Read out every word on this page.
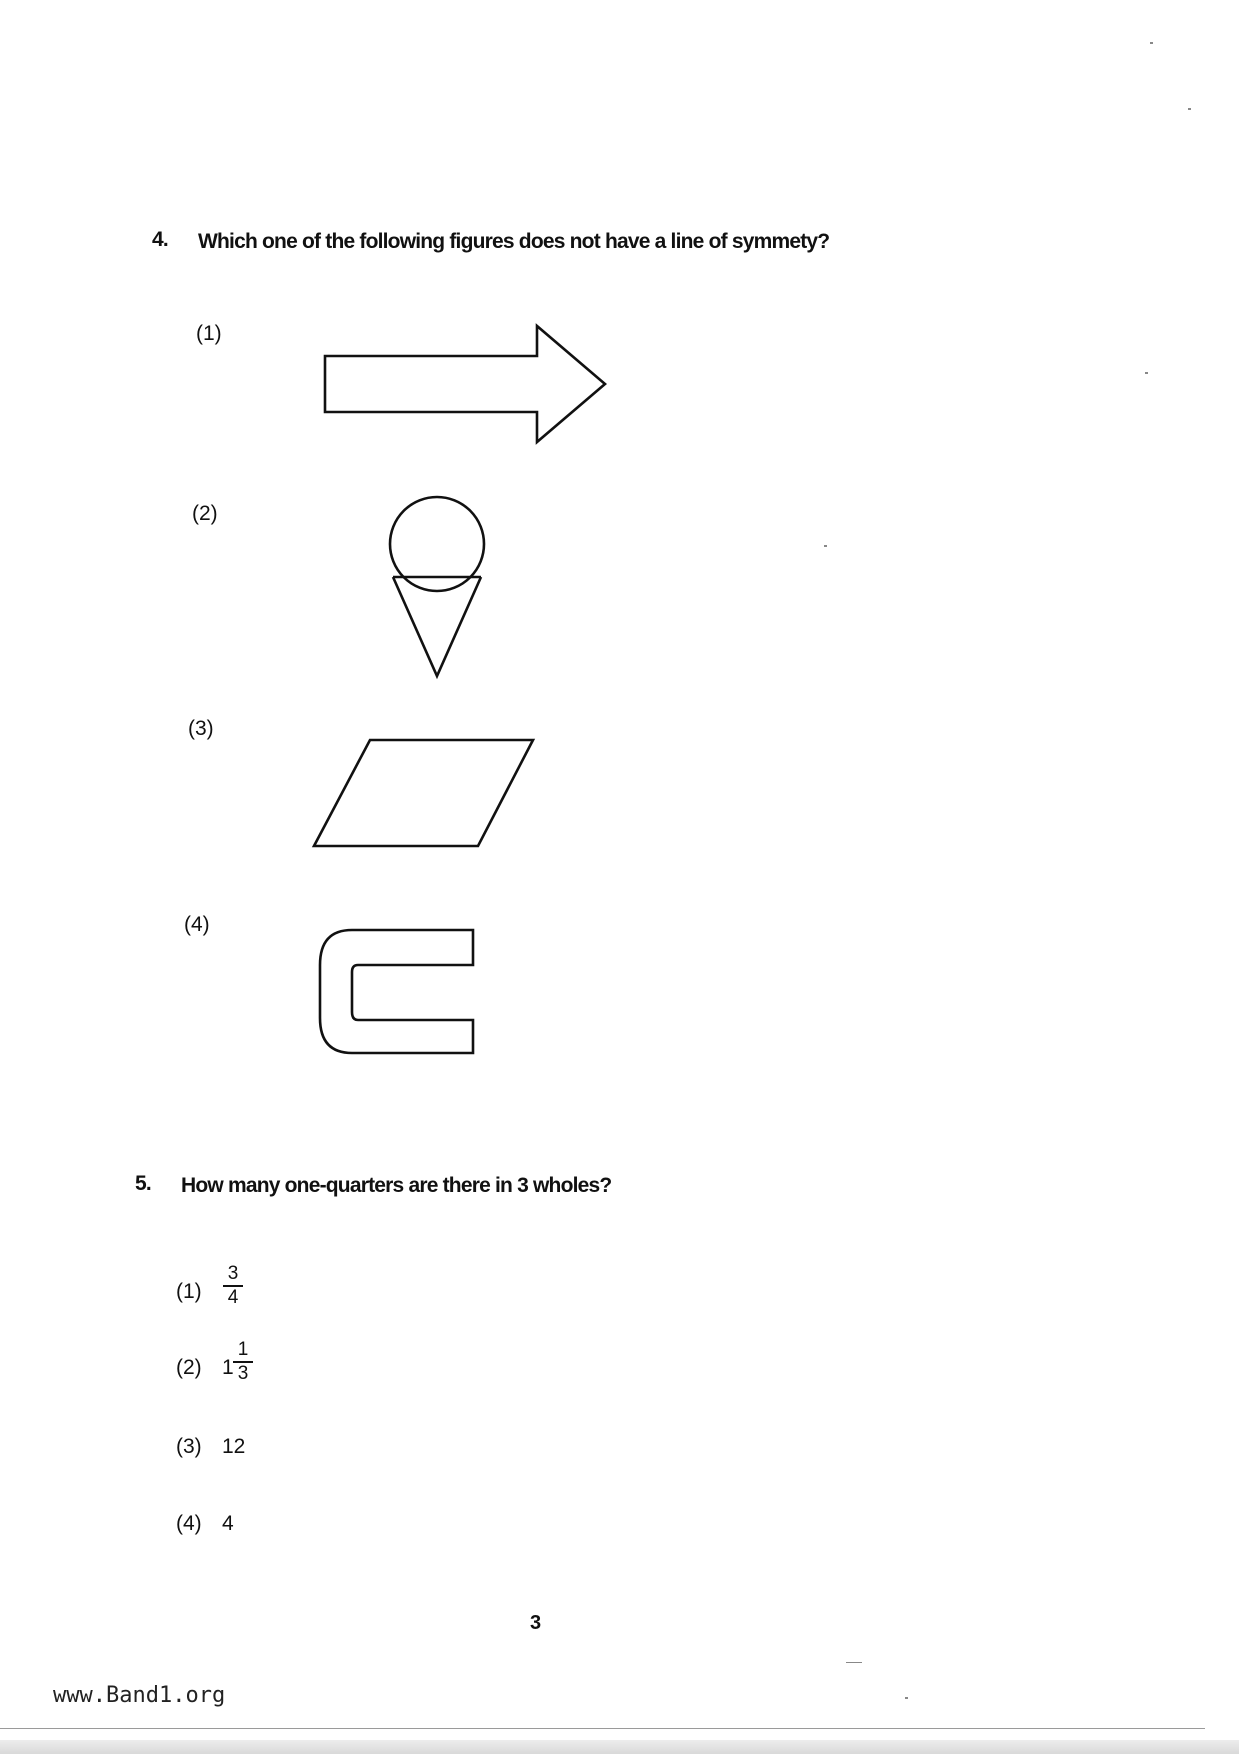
4. Which one of the following figures does not have a line of symmety?
(1)
(2)
(3)
(4)
5. How many one-quarters are there in 3 wholes?
(1)
3
4
(2) 1
1
3
(3) 12
(4) 4
3
www.Band1.org
